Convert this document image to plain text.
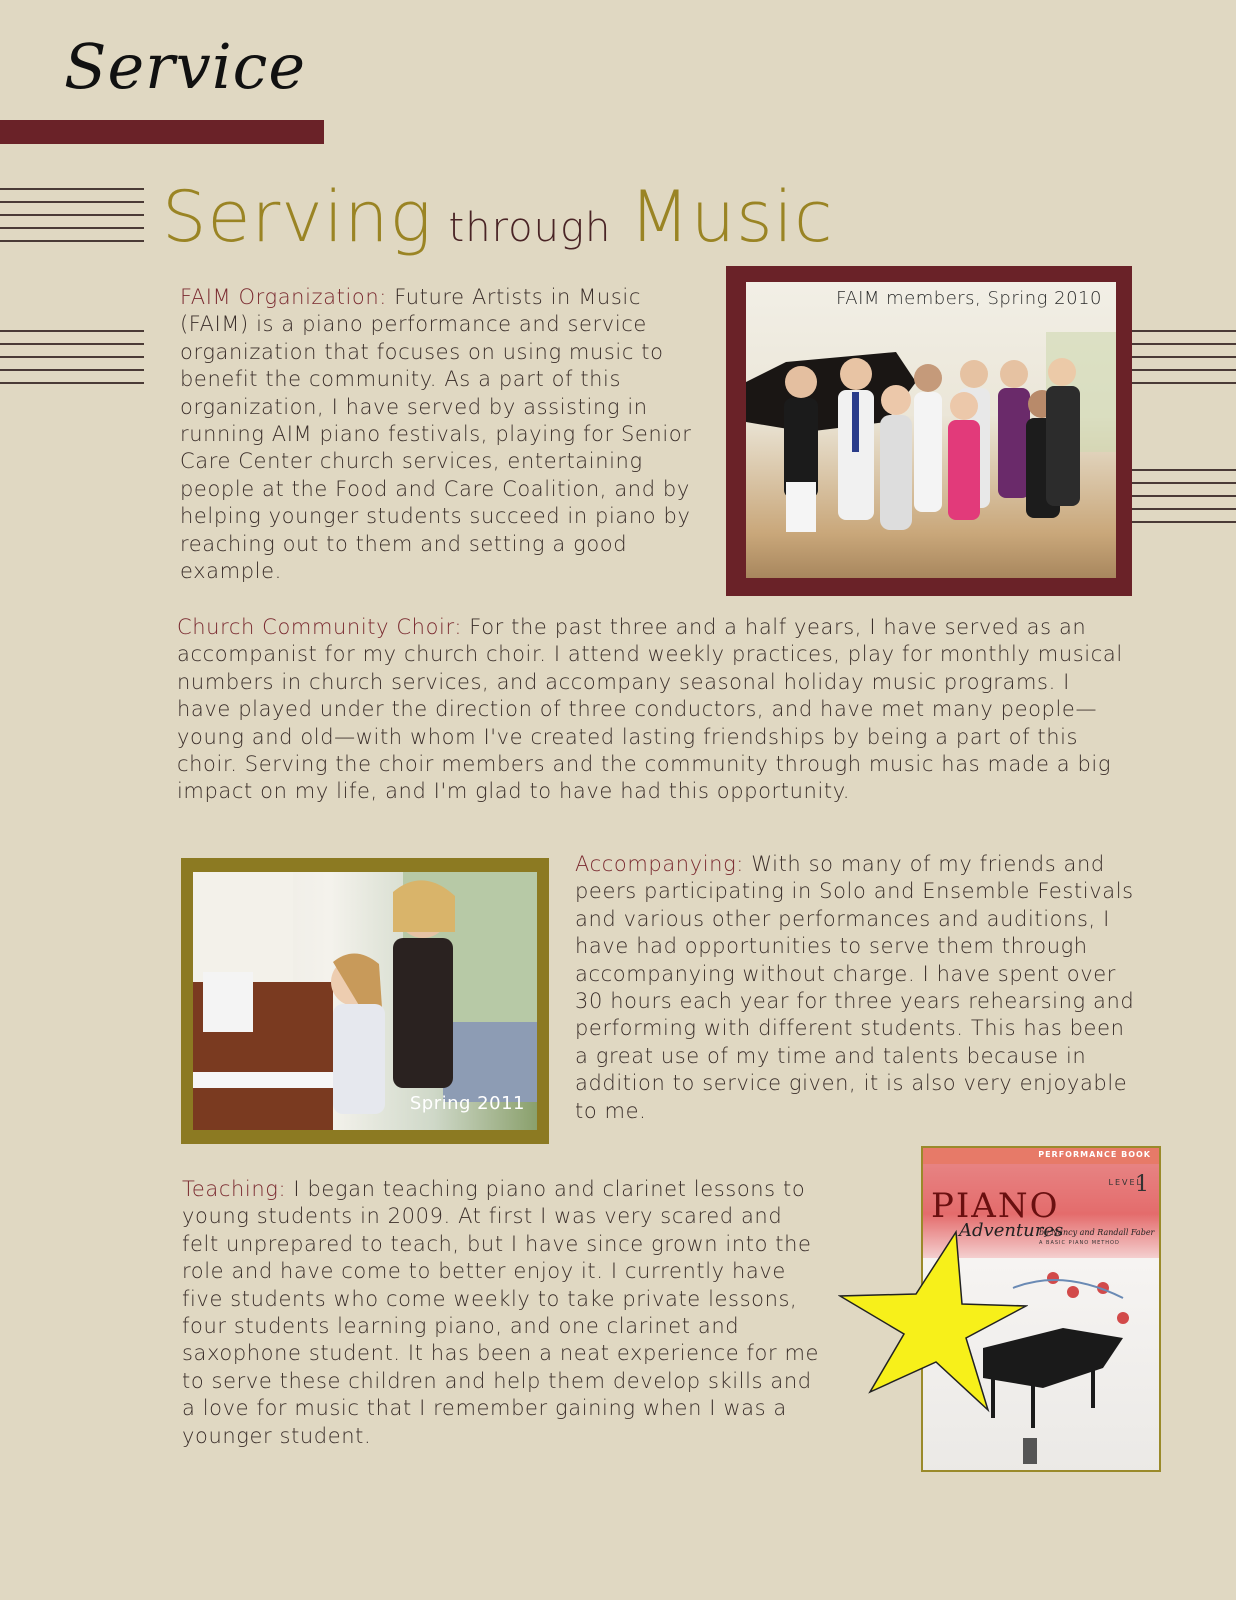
Service
Serving through Music
FAIM Organization: Future Artists in Music (FAIM) is a piano performance and service organization that focuses on using music to benefit the community. As a part of this organization, I have served by assisting in running AIM piano festivals, playing for Senior Care Center church services, entertaining people at the Food and Care Coalition, and by helping younger students succeed in piano by reaching out to them and setting a good example.
FAIM members, Spring 2010
Church Community Choir: For the past three and a half years, I have served as an accompanist for my church choir. I attend weekly practices, play for monthly musical numbers in church services, and accompany seasonal holiday music programs. I have played under the direction of three conductors, and have met many people—young and old—with whom I've created lasting friendships by being a part of this choir. Serving the choir members and the community through music has made a big impact on my life, and I'm glad to have had this opportunity.
Spring 2011
Accompanying: With so many of my friends and peers participating in Solo and Ensemble Festivals and various other performances and auditions, I have had opportunities to serve them through accompanying without charge. I have spent over 30 hours each year for three years rehearsing and performing with different students. This has been a great use of my time and talents because in addition to service given, it is also very enjoyable to me.
Teaching: I began teaching piano and clarinet lessons to young students in 2009. At first I was very scared and felt unprepared to teach, but I have since grown into the role and have come to better enjoy it. I currently have five students who come weekly to take private lessons, four students learning piano, and one clarinet and saxophone student. It has been a neat experience for me to serve these children and help them develop skills and a love for music that I remember gaining when I was a younger student.
PERFORMANCE BOOK
LEVEL
1
PIANO
Adventures
by Nancy and Randall Faber
A BASIC PIANO METHOD
